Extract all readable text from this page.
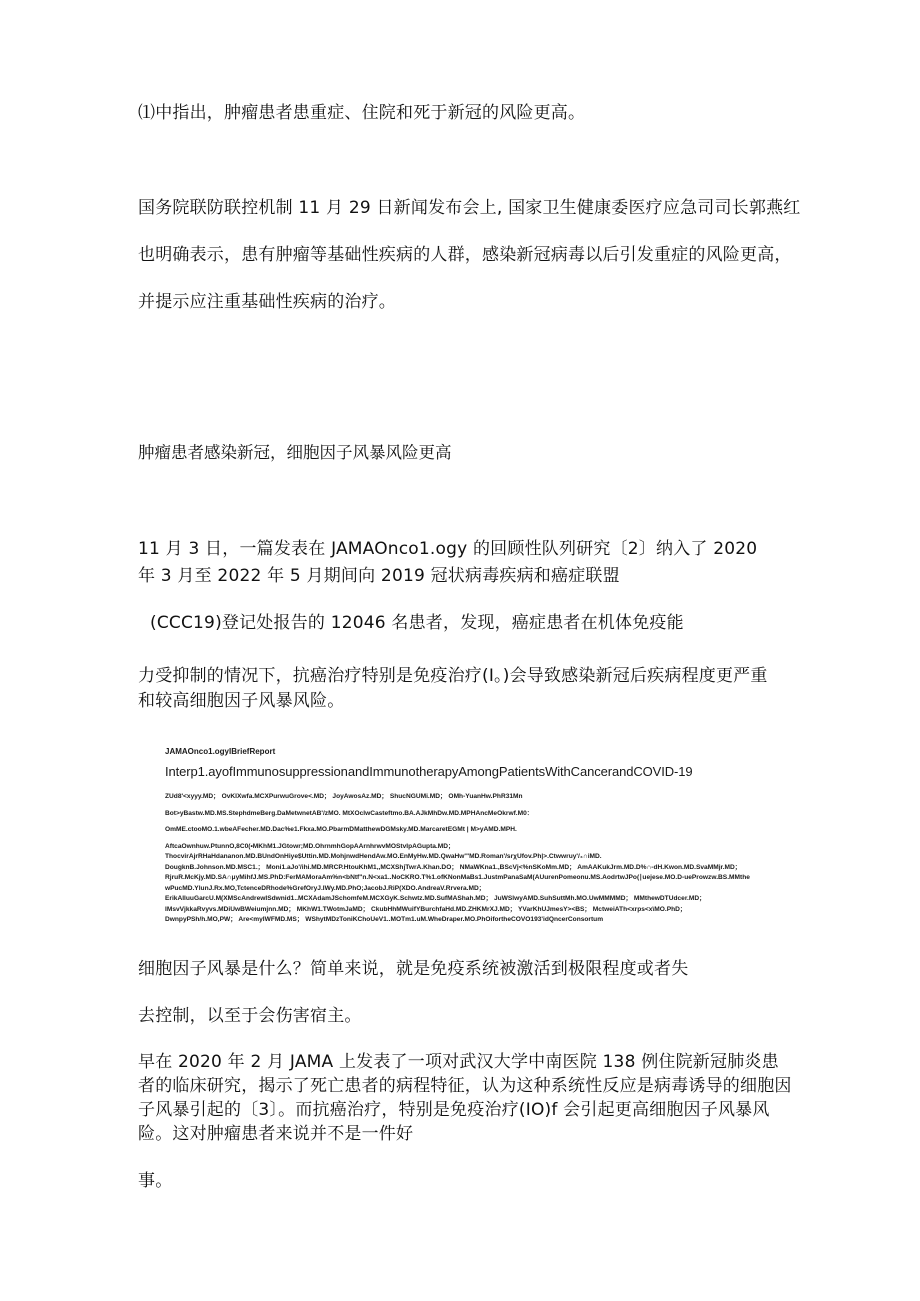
⑴中指出，肿瘤患者患重症、住院和死于新冠的风险更高。
国务院联防联控机制 11 月 29 日新闻发布会上, 国家卫生健康委医疗应急司司长郭燕红
也明确表示，患有肿瘤等基础性疾病的人群，感染新冠病毒以后引发重症的风险更高，
并提示应注重基础性疾病的治疗。
肿瘤患者感染新冠，细胞因子风暴风险更高
11 月 3 日，一篇发表在 JAMAOnco1.ogy 的回顾性队列研究〔2〕纳入了 2020
年 3 月至 2022 年 5 月期间向 2019 冠状病毒疾病和癌症联盟
(CCC19)登记处报告的 12046 名患者，发现，癌症患者在机体免疫能
力受抑制的情况下，抗癌治疗特别是免疫治疗(I。)会导致感染新冠后疾病程度更严重
和较高细胞因子风暴风险。
JAMAOnco1.ogyIBriefReport
Interp1.ayofImmunosuppressionandImmunotherapyAmongPatientsWithCancerandCOVID-19
ZUd8'<xyyy.MD； OvKIXwfa.MCXPurwuGrove<.MD； JoyAwosAz.MD； ShucNGUMi.MD； OMh-YuanHw.PhR31Mn
Bot>yBastw.MD.MS.StephdmeBerg.DaMetwnetAB'/zMO. MtXOclwCasteftmo.BA.AJkMhDw.MD.MPHAncMeOkrwf.M0：
OmME.ctooMO.1.wbeAFecher.MD.Dac%e1.Fkxa.MO.PbarmDMatthewDGMsky.MD.MarcaretEGMt | M>yAMD.MPH.
AftcaOwnhuw.PtunnO,8C0(•MKhM1.JGtowr;MD.OhrnmhGopAArnhrwvMOStvIpAGupta.MD；
ThocvirAjrRHaHdananon.MD.BUndOnHiye$Uttin.MD.MohjnwdHendAw.MO.EnMyHw.MD.QwaHw'"MD.Roman'/srχUfov.Ph|>.Ctwwruy'/₄∩iMD.
DougknB.Johnson.MD.MSC1.； Moni1.aJo'/ihi.MD.MRCP.HtouKhM1,,MCXShjTwrA.Khan.DO； NMaWKna1.,BScVj<%nSKoMm.MD； AmAAKukJrm.MD.D%∩-dH.Kwon.MD.SvaMMjr.MD；
RjruR.McKjy.MD.SA∩μyMihfJ.MS.PhD:FerMAMoraAm%n<bNtf"n.N<xa1..NoCKRO.T%1.ofKNonMaBs1.JustmPanaSaM(AUurenPomeonu.MS.AodrtwJPo(∣uejese.MO.D-ueProwzw.BS.MMthe
wPucMD.YlunJ.Rx.MO,TctenceDRhode%GrefOryJ.IWy.MD.PhO;JacobJ.RiP(XDO.AndreaV.Rrvera.MD；
ErikAlluuGarcU.M(XMScAndrewISdwnid1..MCXAdamJSchomfeM.MCXGyK.Schwtz.MD.SufMAShah.MD； JuWSlwyAMD.SuhSuttMh.MO.UwMMMMD； MMthewDTUdcer.MD；
IMsvVjkkaRvyvs.MDiUwBWeiumjnn.MD； MKhW1.TWotmJaMD； CkubHhMWuifYBurchfaHd.MD.ZHKMrXJ.MD； YVarKhUJmesY><BS； MctweiATh<xrps<x\MO.PhD；
DwnpyPSh/h.MO,PW； Are<myIWFMD.MS； WShytMDzToniKChoUeV1..MOTm1.uM.WheDraper.MO.PhOifortheCOVO193'idQncerConsortum
细胞因子风暴是什么？简单来说，就是免疫系统被激活到极限程度或者失
去控制，以至于会伤害宿主。
早在 2020 年 2 月 JAMA 上发表了一项对武汉大学中南医院 138 例住院新冠肺炎患
者的临床研究，揭示了死亡患者的病程特征，认为这种系统性反应是病毒诱导的细胞因
子风暴引起的〔3〕。而抗癌治疗，特别是免疫治疗(IO)f 会引起更高细胞因子风暴风
险。这对肿瘤患者来说并不是一件好
事。
